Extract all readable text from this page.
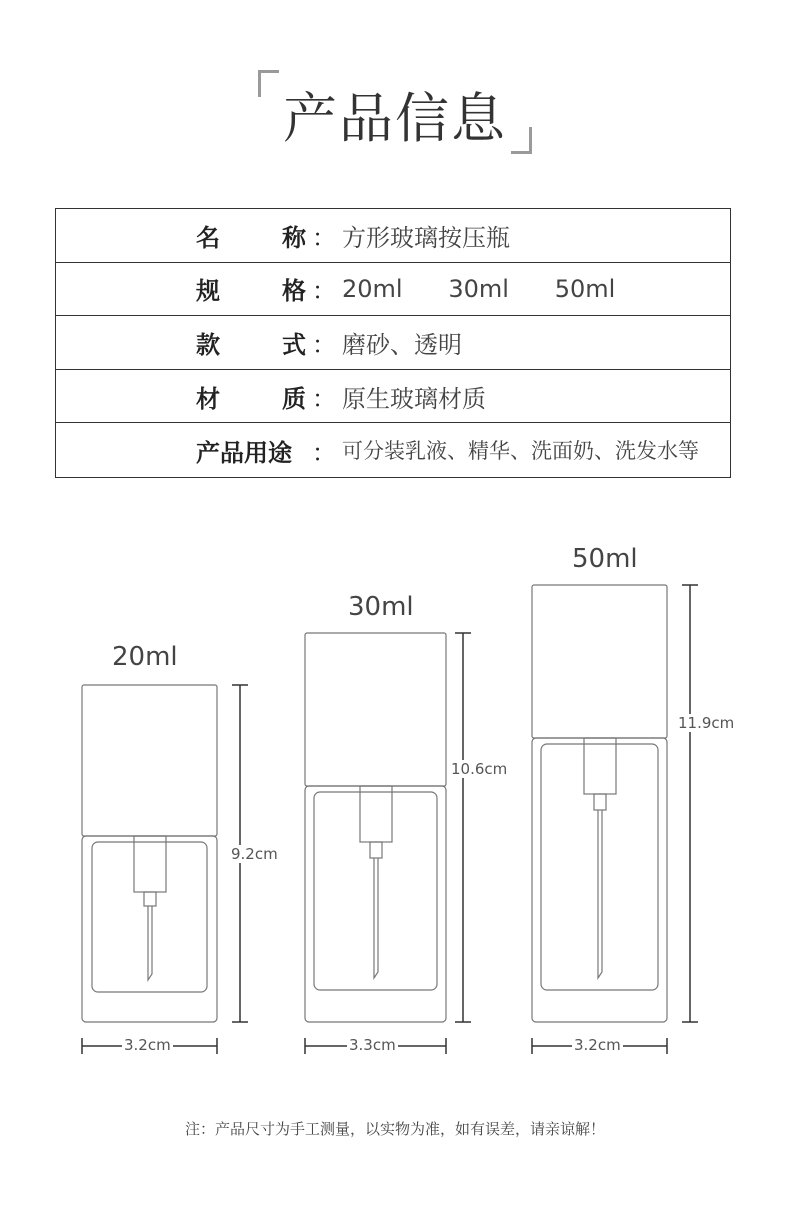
产品信息
名	称 ： 方形玻璃按压瓶
规	格 ： 20ml      30ml      50ml
款	式 ： 磨砂、透明
材	质 ： 原生玻璃材质
产品用途 ： 可分装乳液、精华、洗面奶、洗发水等
20ml
30ml
50ml
9.2cm
10.6cm
11.9cm
3.2cm	3.3cm	3.2cm
注：产品尺寸为手工测量，以实物为准，如有误差，请亲谅解！
